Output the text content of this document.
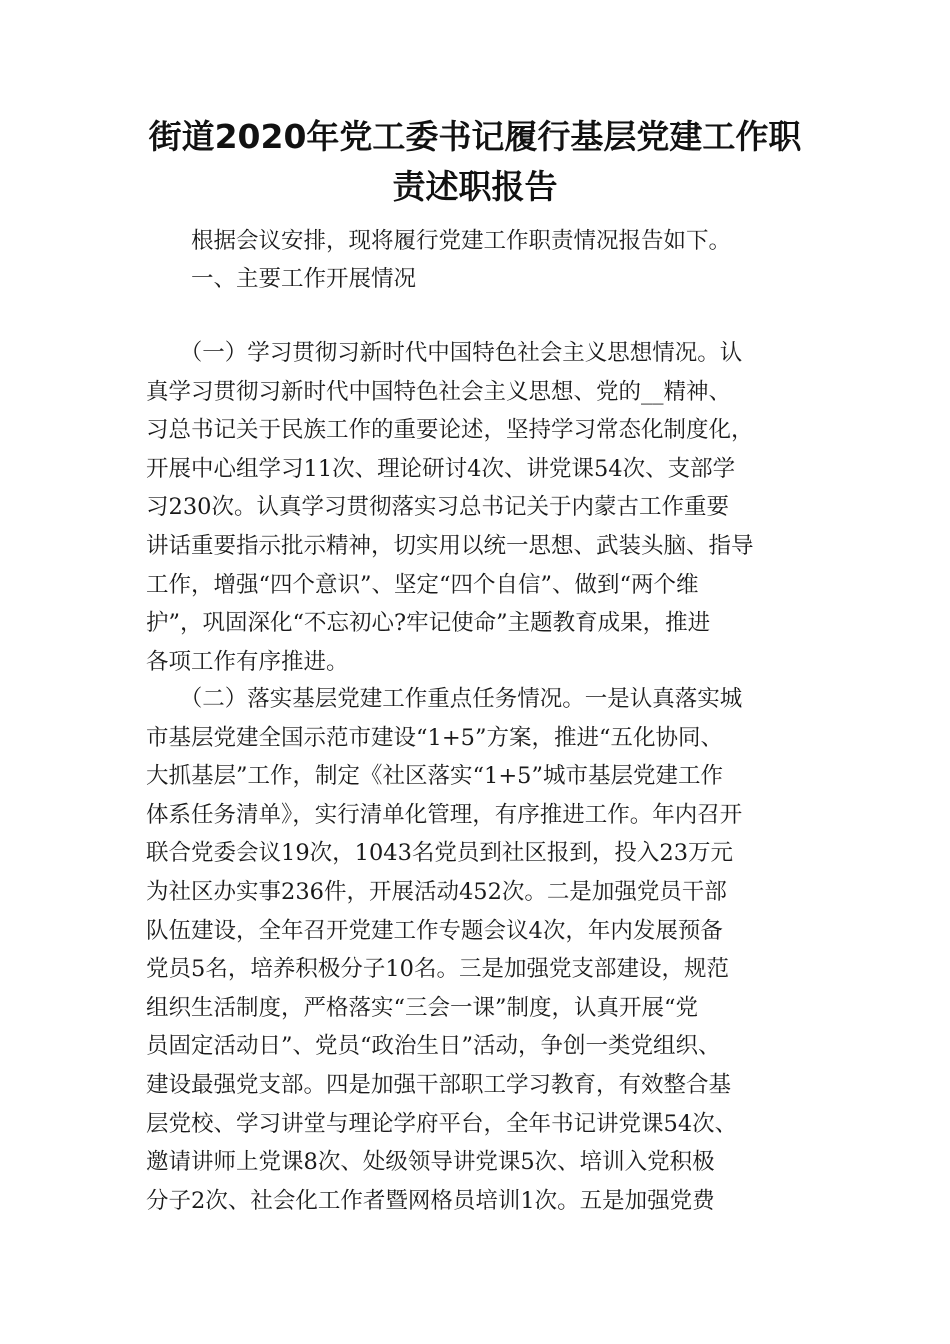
街道2020年党工委书记履行基层党建工作职
责述职报告
　　根据会议安排，现将履行党建工作职责情况报告如下。
　　一、主要工作开展情况
　　（一）学习贯彻习新时代中国特色社会主义思想情况。认
真学习贯彻习新时代中国特色社会主义思想、党的__精神、
习总书记关于民族工作的重要论述，坚持学习常态化制度化，
开展中心组学习11次、理论研讨4次、讲党课54次、支部学
习230次。认真学习贯彻落实习总书记关于内蒙古工作重要
讲话重要指示批示精神，切实用以统一思想、武装头脑、指导
工作，增强“四个意识”、坚定“四个自信”、做到“两个维
护”，巩固深化“不忘初心?牢记使命”主题教育成果，推进
各项工作有序推进。
　　（二）落实基层党建工作重点任务情况。一是认真落实城
市基层党建全国示范市建设“1+5”方案，推进“五化协同、
大抓基层”工作，制定《社区落实“1+5”城市基层党建工作
体系任务清单》，实行清单化管理，有序推进工作。年内召开
联合党委会议19次，1043名党员到社区报到，投入23万元
为社区办实事236件，开展活动452次。二是加强党员干部
队伍建设，全年召开党建工作专题会议4次，年内发展预备
党员5名，培养积极分子10名。三是加强党支部建设，规范
组织生活制度，严格落实“三会一课”制度，认真开展“党
员固定活动日”、党员“政治生日”活动，争创一类党组织、
建设最强党支部。四是加强干部职工学习教育，有效整合基
层党校、学习讲堂与理论学府平台，全年书记讲党课54次、
邀请讲师上党课8次、处级领导讲党课5次、培训入党积极
分子2次、社会化工作者暨网格员培训1次。五是加强党费
